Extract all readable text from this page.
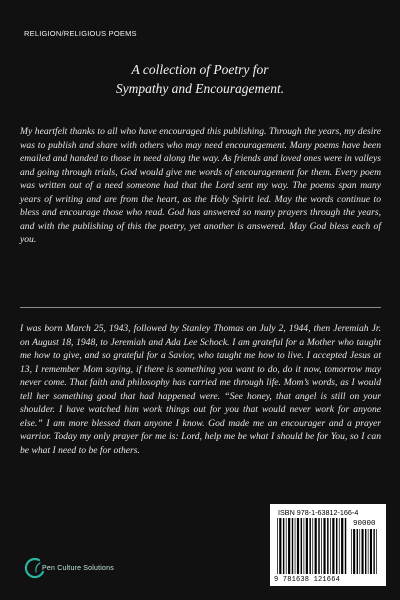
RELIGION/RELIGIOUS POEMS
A collection of Poetry for
Sympathy and Encouragement.

My heartfelt thanks to all who have encouraged this publishing. Through the years, my desire was to publish and share with others who may need encouragement. Many poems have been emailed and handed to those in need along the way. As friends and loved ones were in valleys and going through trials, God would give me words of encouragement for them. Every poem was written out of a need someone had that the Lord sent my way. The poems span many years of writing and are from the heart, as the Holy Spirit led. May the words continue to bless and encourage those who read. God has answered so many prayers through the years, and with the publishing of this the poetry, yet another is answered. May God bless each of you.

I was born March 25, 1943, followed by Stanley Thomas on July 2, 1944, then Jeremiah Jr. on August 18, 1948, to Jeremiah and Ada Lee Schock. I am grateful for a Mother who taught me how to give, and so grateful for a Savior, who taught me how to live. I accepted Jesus at 13, I remember Mom saying, if there is something you want to do, do it now, tomorrow may never come. That faith and philosophy has carried me through life. Mom’s words, as I would tell her something good that had happened were. “See honey, that angel is still on your shoulder. I have watched him work things out for you that would never work for anyone else.” I am more blessed than anyone I know. God made me an encourager and a prayer warrior. Today my only prayer for me is: Lord, help me be what I should be for You, so I can be what I need to be for others.

Pen Culture Solutions
ISBN 978-1-63812-166-4
90000
9 781638 121664
